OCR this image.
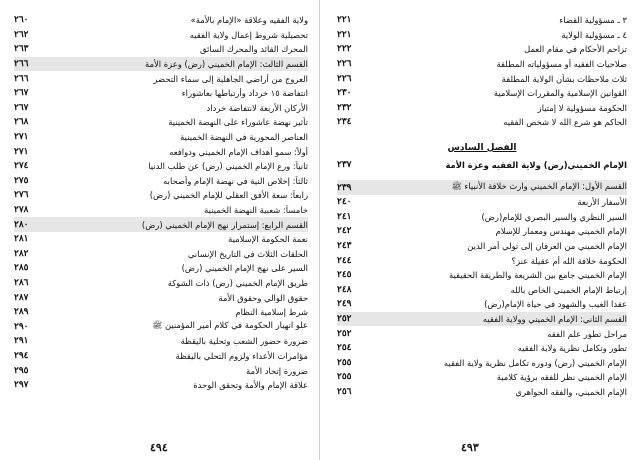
ولاية الفقيه وعلاقة «الإمام بالأمة»
٢٦٠
تحصيلية شروط إعمال ولاية الفقيه
٢٦٢
المحرك القائد والمحرك السائق
٢٦٣
القسم الثالث: الإمام الخميني (رض) وعزة الأمة
٢٦٦
العروج من أراضي الجاهلية إلى سماء التحضر
٢٦٦
انتفاضة ١٥ خرداد وأرتباطها بعاشوراء
٢٦٧
الأركان الأربعة لانتفاضة خرداد
٢٦٧
تأثير نهضة عاشوراء على النهضة الخمينية
٢٦٨
العناصر المحورية في النهضة الخمينية
٢٧١
أولاً: سمو أهداف الإمام الخميني ودوافعه
٢٧١
ثانياً: ورع الإمام الخميني (رض) عن طلب الدنيا
٢٧٤
ثالثاً: إخلاص النية في نهضة الإمام وأصحابه
٢٧٥
رابعاً: سعة الأفق العقلي للإمام الخميني (رض)
٢٧٦
خامساً: شعبية النهضة الخمينية
٢٧٨
القسم الرابع: إستمرار نهج الإمام الخميني (رض)
٢٨٠
نعمة الحكومة الإسلامية
٢٨١
الحلقات الثلاث في التاريخ الإنساني
٢٨٢
السير على نهج الإمام الخميني (رض)
٢٨٥
طريق الإمام الخميني (رض) ذات الشوكة
٢٨٦
حقوق الوالي وحقوق الأمة
٢٨٧
شرط إسلامية النظام
٢٨٩
علو انهيار الحكومة في كلام أمير المؤمنين ﷺ
٢٩٠
ضرورة حضور الشعب وتحلية باليقظة
٢٩١
مؤامرات الأعداء ولزوم التحلي باليقظة
٢٩٤
ضرورة إتحاد الأمة
٢٩٥
علاقة الإمام والأمة وتحقق الوحدة
٢٩٧
٤٩٤
٣ ـ مسؤولية القضاء
٢٢١
٤ ـ مسؤولية الولاية
٢٢١
تزاحم الأحكام في مقام العمل
٢٢٢
صلاحيات الفقيه أو مسؤولياته المطلقة
٢٢٦
ثلاث ملاحظات بشأن الولاية المطلقة
٢٢٦
القوانين الإسلامية والمقررات الإسلامية
٢٣٠
الحكومة مسؤولية لا إمتياز
٢٣٢
الحاكم هو شرع الله لا شخص الفقيه
٢٣٤
الفصل السادس
الإمام الخميني(رض) ولاية الفقيه وعزة الأمة
٢٣٧
القسم الأول: الإمام الخميني وارث خلافة الأنبياء ﷺ
٢٣٩
الأسفار الأربعة
٢٤٠
السير النظري والسير البصري للإمام(رض)
٢٤١
الإمام الخميني مهندس ومعمار للإسلام
٢٤٢
الإمام الخميني من العرفان إلى تولي أمر الدين
٢٤٣
الحكومة خلافة الله أم عقيلة عنز؟
٢٤٤
الإمام الخميني جامع بين الشريعة والطريقة الحقيقية
٢٤٥
إرتباط الإمام الخميني الخاص بالله
٢٤٨
عقدا الغيب والشهود في حياة الإمام(رض)
٢٤٩
القسم الثاني: الإمام الخميني وولاية الفقيه
٢٥٢
مراحل تطور علم الفقه
٢٥٢
تطور وتكامل نظرية ولاية الفقيه
٢٥٤
الإمام الخميني (رض) ودوره تكامل نظرية ولاية الفقيه
٢٥٥
الإمام الخميني نظر للفقه برؤية كلامية
٢٥٥
الإمام الخميني، والفقه الجواهري
٢٥٦
٤٩٣
